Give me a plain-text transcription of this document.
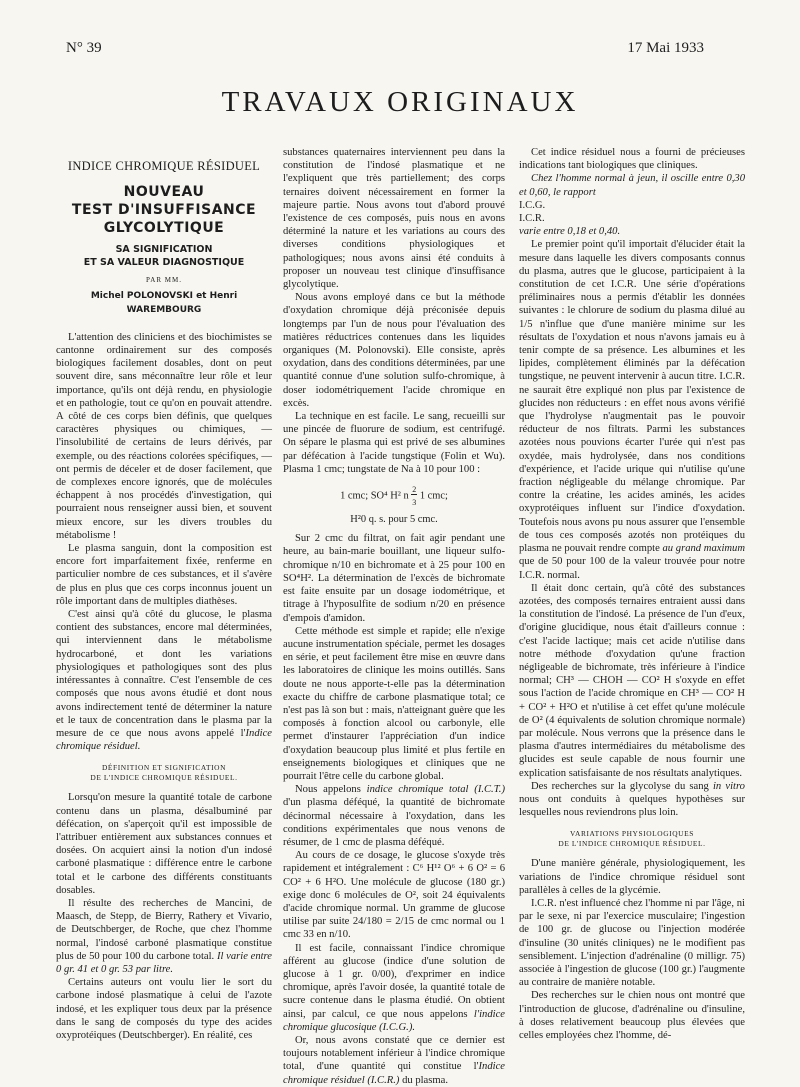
N° 39	17 Mai 1933
TRAVAUX ORIGINAUX
INDICE CHROMIQUE RÉSIDUEL
NOUVEAU
TEST D'INSUFFISANCE
GLYCOLYTIQUE
SA SIGNIFICATION
ET SA VALEUR DIAGNOSTIQUE
PAR MM.
Michel POLONOVSKI et Henri WAREMBOURG

L'attention des cliniciens et des biochimistes se cantonne ordinairement sur des composés biologiques facilement dosables, dont on peut souvent dire, sans méconnaître leur rôle et leur importance, qu'ils ont déjà rendu, en physiologie et en pathologie, tout ce qu'on en pouvait attendre. A côté de ces corps bien définis, que quelques caractères physiques ou chimiques, — l'insolubilité de certains de leurs dérivés, par exemple, ou des réactions colorées spécifiques, — ont permis de déceler et de doser facilement, que de complexes encore ignorés, que de molécules échappent à nos procédés d'investigation, qui pourraient nous renseigner aussi bien, et souvent mieux encore, sur les divers troubles du métabolisme !

Le plasma sanguin, dont la composition est encore fort imparfaitement fixée, renferme en particulier nombre de ces substances, et il s'avère de plus en plus que ces corps inconnus jouent un rôle important dans de multiples diathèses.

C'est ainsi qu'à côté du glucose, le plasma contient des substances, encore mal déterminées, qui interviennent dans le métabolisme hydrocarboné, et dont les variations physiologiques et pathologiques sont des plus intéressantes à connaître. C'est l'ensemble de ces composés que nous avons étudié et dont nous avons indirectement tenté de déterminer la nature et le taux de concentration dans le plasma par la mesure de ce que nous avons appelé l'Indice chromique résiduel.

DÉFINITION ET SIGNIFICATION
DE L'INDICE CHROMIQUE RÉSIDUEL.

Lorsqu'on mesure la quantité totale de carbone contenu dans un plasma, désalbuminé par défécation, on s'aperçoit qu'il est impossible de l'attribuer entièrement aux substances connues et dosées. On acquiert ainsi la notion d'un indosé carboné plasmatique : différence entre le carbone total et le carbone des différents constituants dosables.

Il résulte des recherches de Mancini, de Maasch, de Stepp, de Bierry, Rathery et Vivario, de Deutschberger, de Roche, que chez l'homme normal, l'indosé carboné plasmatique constitue plus de 50 pour 100 du carbone total. Il varie entre 0 gr. 41 et 0 gr. 53 par litre.

Certains auteurs ont voulu lier le sort du carbone indosé plasmatique à celui de l'azote indosé, et les expliquer tous deux par la présence dans le sang de composés du type des acides oxyprotéiques (Deutschberger). En réalité, ces

substances quaternaires interviennent peu dans la constitution de l'indosé plasmatique et ne l'expliquent que très partiellement; des corps ternaires doivent nécessairement en former la majeure partie. Nous avons tout d'abord prouvé l'existence de ces composés, puis nous en avons déterminé la nature et les variations au cours des diverses conditions physiologiques et pathologiques; nous avons ainsi été conduits à proposer un nouveau test clinique d'insuffisance glycolytique.

Nous avons employé dans ce but la méthode d'oxydation chromique déjà préconisée depuis longtemps par l'un de nous pour l'évaluation des matières réductrices contenues dans les liquides organiques (M. Polonovski). Elle consiste, après oxydation, dans des conditions déterminées, par une quantité connue d'une solution sulfo-chromique, à doser iodométriquement l'acide chromique en excès.

La technique en est facile. Le sang, recueilli sur une pincée de fluorure de sodium, est centrifugé. On sépare le plasma qui est privé de ses albumines par défécation à l'acide tungstique (Folin et Wu). Plasma 1 cmc; tungstate de Na à 10 pour 100 :

1 cmc; SO⁴ H² n $\frac{2}{3} 1$ cmc;
H²0 q. s. pour 5 cmc.

Sur 2 cmc du filtrat, on fait agir pendant une heure, au bain-marie bouillant, une liqueur sulfo-chromique n/10 en bichromate et à 25 pour 100 en SO⁴H². La détermination de l'excès de bichromate est faite ensuite par un dosage iodométrique, et titrage à l'hyposulfite de sodium n/20 en présence d'empois d'amidon.

Cette méthode est simple et rapide; elle n'exige aucune instrumentation spéciale, permet les dosages en série, et peut facilement être mise en œuvre dans les laboratoires de clinique les moins outillés. Sans doute ne nous apporte-t-elle pas la détermination exacte du chiffre de carbone plasmatique total; ce n'est pas là son but : mais, n'atteignant guère que les composés à fonction alcool ou carbonyle, elle permet d'instaurer l'appréciation d'un indice d'oxydation beaucoup plus limité et plus fertile en enseignements biologiques et cliniques que ne pourrait l'être celle du carbone global.

Nous appelons indice chromique total (I.C.T.) d'un plasma déféqué, la quantité de bichromate décinormal nécessaire à l'oxydation, dans les conditions expérimentales que nous venons de résumer, de 1 cmc de plasma déféqué.

Au cours de ce dosage, le glucose s'oxyde très rapidement et intégralement : C⁶ H¹² O⁶ + 6 O² = 6 CO² + 6 H²O. Une molécule de glucose (180 gr.) exige donc 6 molécules de O², soit 24 équivalents d'acide chromique normal. Un gramme de glucose utilise par suite 24/180 = 2/15 de cmc normal ou 1 cmc 33 en n/10.

Il est facile, connaissant l'indice chromique afférent au glucose (indice d'une solution de glucose à 1 gr. 0/00), d'exprimer en indice chromique, après l'avoir dosée, la quantité totale de sucre contenue dans le plasma étudié. On obtient ainsi, par calcul, ce que nous appelons l'indice chromique glucosique (I.C.G.).

Or, nous avons constaté que ce dernier est toujours notablement inférieur à l'indice chromique total, d'une quantité qui constitue l'Indice chromique résiduel (I.C.R.) du plasma.

Cet indice résiduel nous a fourni de précieuses indications tant biologiques que cliniques.

Chez l'homme normal à jeun, il oscille entre 0,30 et 0,60, le rapport

I.C.G.
I.C.R.
varie entre 0,18 et 0,40.

Le premier point qu'il importait d'élucider était la mesure dans laquelle les divers composants connus du plasma, autres que le glucose, participaient à la constitution de cet I.C.R. Une série d'opérations préliminaires nous a permis d'établir les données suivantes : le chlorure de sodium du plasma dilué au 1/5 n'influe que d'une manière minime sur les résultats de l'oxydation et nous n'avons jamais eu à tenir compte de sa présence. Les albumines et les lipides, complètement éliminés par la défécation tungstique, ne peuvent intervenir à aucun titre. I.C.R. ne saurait être expliqué non plus par l'existence de glucides non réducteurs : en effet nous avons vérifié que l'hydrolyse n'augmentait pas le pouvoir réducteur de nos filtrats. Parmi les substances azotées nous pouvions écarter l'urée qui n'est pas oxydée, mais hydrolysée, dans nos conditions d'expérience, et l'acide urique qui n'utilise qu'une fraction négligeable du mélange chromique. Par contre la créatine, les acides aminés, les acides oxyprotéiques influent sur l'indice d'oxydation. Toutefois nous avons pu nous assurer que l'ensemble de tous ces composés azotés non protéiques du plasma ne pouvait rendre compte au grand maximum que de 50 pour 100 de la valeur trouvée pour notre I.C.R. normal.

Il était donc certain, qu'à côté des substances azotées, des composés ternaires entraient aussi dans la constitution de l'indosé. La présence de l'un d'eux, d'origine glucidique, nous était d'ailleurs connue : c'est l'acide lactique; mais cet acide n'utilise dans notre méthode d'oxydation qu'une fraction négligeable de bichromate, très inférieure à l'indice normal; CH³ — CHOH — CO² H s'oxyde en effet sous l'action de l'acide chromique en CH³ — CO² H + CO² + H²O et n'utilise à cet effet qu'une molécule de O² (4 équivalents de solution chromique normale) par molécule. Nous verrons que la présence dans le plasma d'autres intermédiaires du métabolisme des glucides est seule capable de nous fournir une explication satisfaisante de nos résultats analytiques.

Des recherches sur la glycolyse du sang in vitro nous ont conduits à quelques hypothèses sur lesquelles nous reviendrons plus loin.

VARIATIONS PHYSIOLOGIQUES
DE L'INDICE CHROMIQUE RÉSIDUEL.

D'une manière générale, physiologiquement, les variations de l'indice chromique résiduel sont parallèles à celles de la glycémie.

I.C.R. n'est influencé chez l'homme ni par l'âge, ni par le sexe, ni par l'exercice musculaire; l'ingestion de 100 gr. de glucose ou l'injection modérée d'insuline (30 unités cliniques) ne le modifient pas sensiblement. L'injection d'adrénaline (0 milligr. 75) associée à l'ingestion de glucose (100 gr.) l'augmente au contraire de manière notable.

Des recherches sur le chien nous ont montré que l'introduction de glucose, d'adrénaline ou d'insuline, à doses relativement beaucoup plus élevées que celles employées chez l'homme, dé-
